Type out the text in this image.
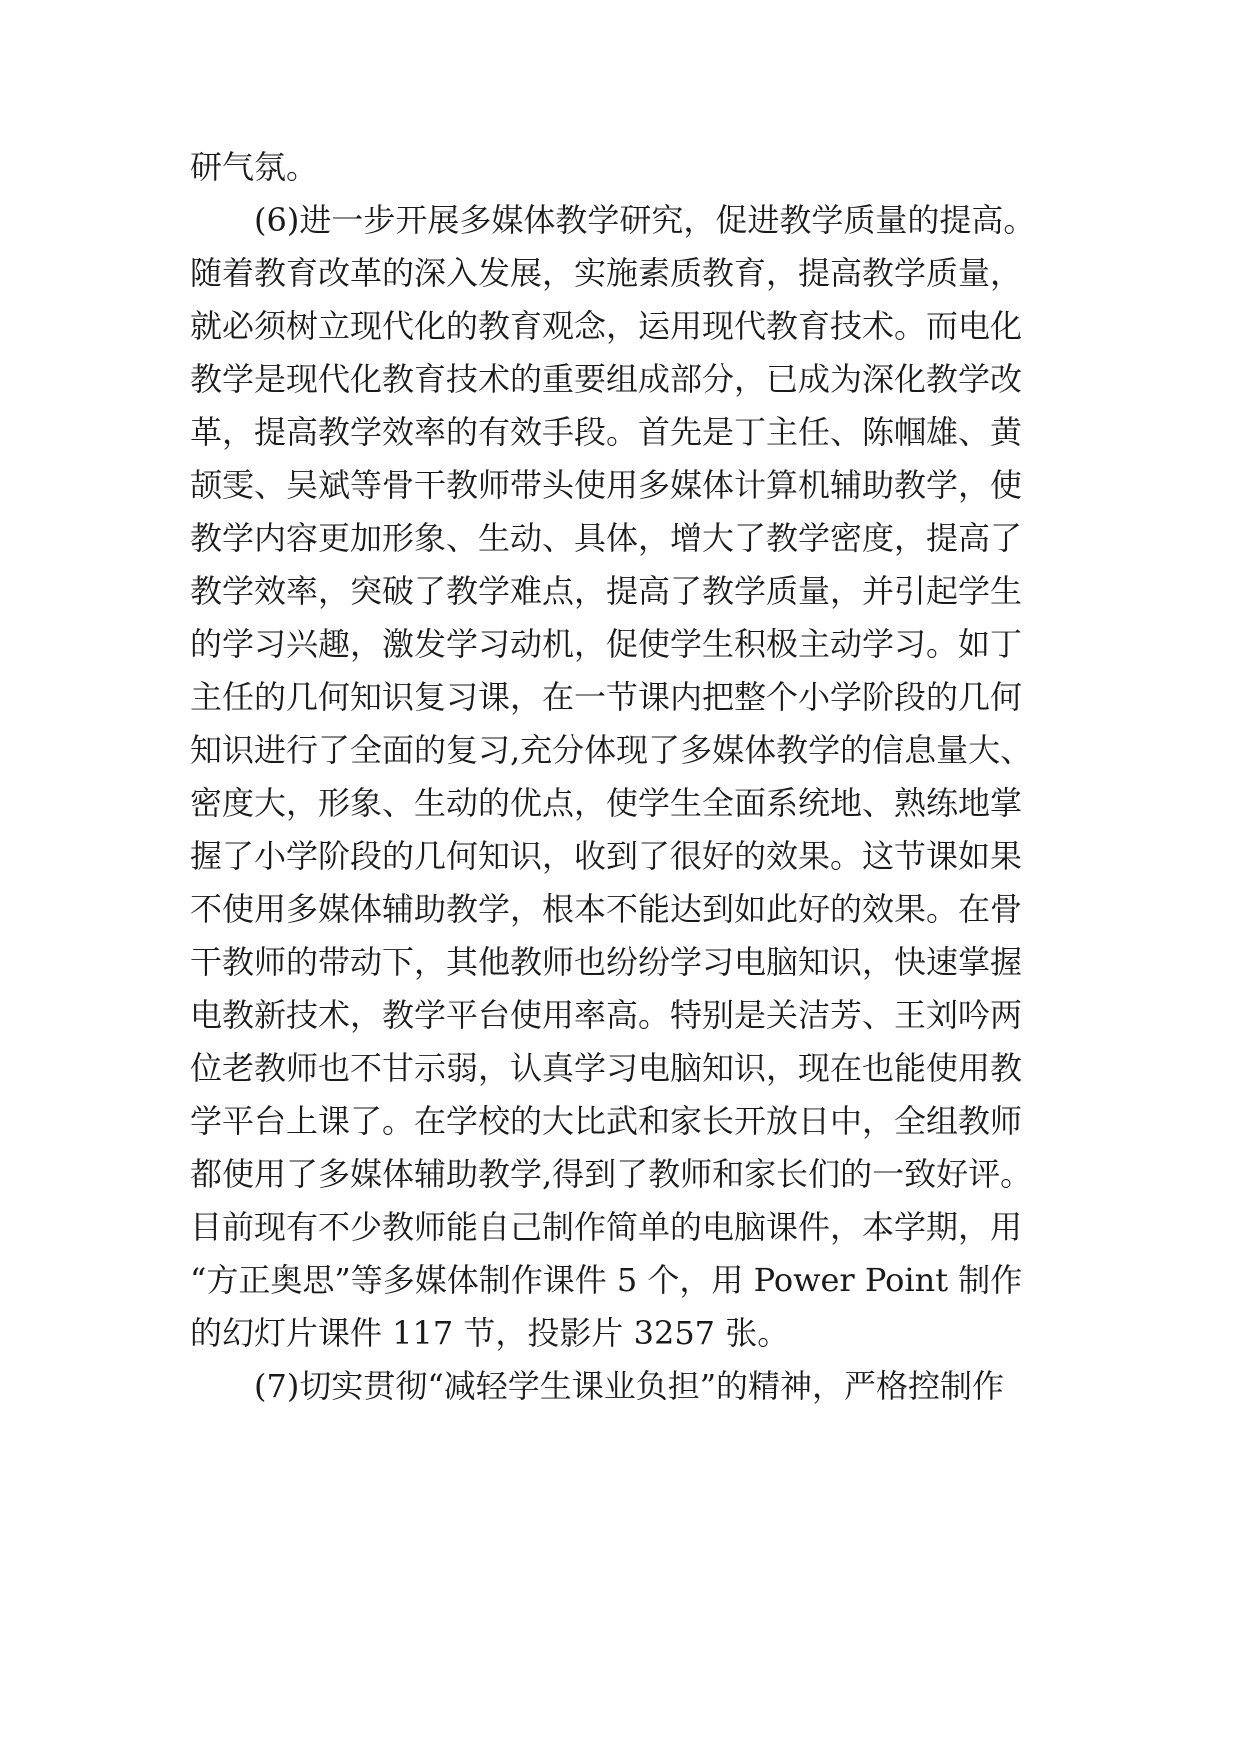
研气氛。
(6)进一步开展多媒体教学研究，促进教学质量的提高。
随着教育改革的深入发展，实施素质教育，提高教学质量，
就必须树立现代化的教育观念，运用现代教育技术。而电化
教学是现代化教育技术的重要组成部分，已成为深化教学改
革，提高教学效率的有效手段。首先是丁主任、陈帼雄、黄
颉雯、吴斌等骨干教师带头使用多媒体计算机辅助教学，使
教学内容更加形象、生动、具体，增大了教学密度，提高了
教学效率，突破了教学难点，提高了教学质量，并引起学生
的学习兴趣，激发学习动机，促使学生积极主动学习。如丁
主任的几何知识复习课，在一节课内把整个小学阶段的几何
知识进行了全面的复习,充分体现了多媒体教学的信息量大、
密度大，形象、生动的优点，使学生全面系统地、熟练地掌
握了小学阶段的几何知识，收到了很好的效果。这节课如果
不使用多媒体辅助教学，根本不能达到如此好的效果。在骨
干教师的带动下，其他教师也纷纷学习电脑知识，快速掌握
电教新技术，教学平台使用率高。特别是关洁芳、王刘吟两
位老教师也不甘示弱，认真学习电脑知识，现在也能使用教
学平台上课了。在学校的大比武和家长开放日中，全组教师
都使用了多媒体辅助教学,得到了教师和家长们的一致好评。
目前现有不少教师能自己制作简单的电脑课件，本学期，用
“方正奥思”等多媒体制作课件 5 个，用 Power Point 制作
的幻灯片课件 117 节，投影片 3257 张。
(7)切实贯彻“减轻学生课业负担”的精神，严格控制作
